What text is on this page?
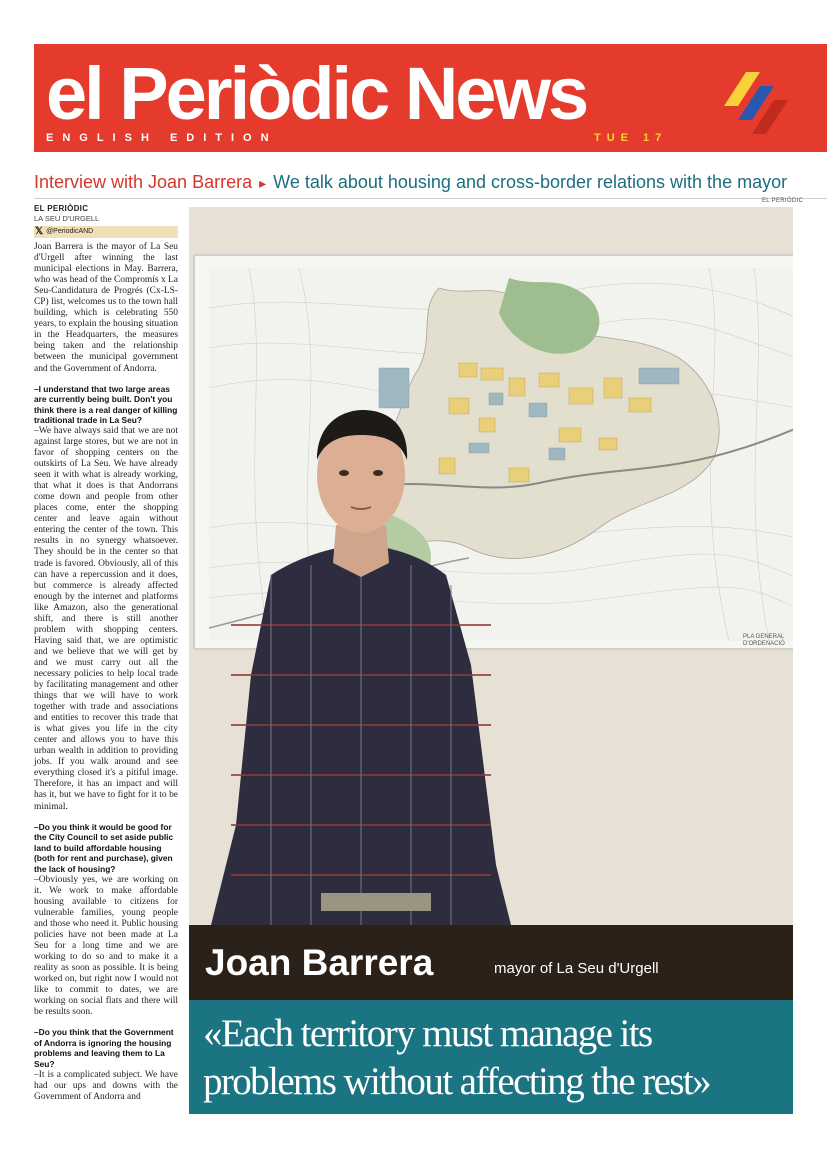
el Periòdic News
ENGLISH EDITION	TUE 17
Interview with Joan Barrera ▸ We talk about housing and cross-border relations with the mayor
EL PERIÒDIC
LA SEU D'URGELL
𝕏 @PeriodicAND

Joan Barrera is the mayor of La Seu d'Urgell after winning the last municipal elections in May. Barrera, who was head of the Compromís x La Seu-Candidatura de Progrés (Cx-LS-CP) list, welcomes us to the town hall building, which is celebrating 550 years, to explain the housing situation in the Headquarters, the measures being taken and the relationship between the municipal government and the Government of Andorra.

–I understand that two large areas are currently being built. Don't you think there is a real danger of killing traditional trade in La Seu?

–We have always said that we are not against large stores, but we are not in favor of shopping centers on the outskirts of La Seu. We have already seen it with what is already working, that what it does is that Andorrans come down and people from other places come, enter the shopping center and leave again without entering the center of the town. This results in no synergy whatsoever. They should be in the center so that trade is favored. Obviously, all of this can have a repercussion and it does, but commerce is already affected enough by the internet and platforms like Amazon, also the generational shift, and there is still another problem with shopping centers. Having said that, we are optimistic and we believe that we will get by and we must carry out all the necessary policies to help local trade by facilitating management and other things that we will have to work together with trade and associations and entities to recover this trade that is what gives you life in the city center and allows you to have this urban wealth in addition to providing jobs. If you walk around and see everything closed it's a pitiful image. Therefore, it has an impact and will has it, but we have to fight for it to be minimal.

–Do you think it would be good for the City Council to set aside public land to build affordable housing (both for rent and purchase), given the lack of housing?

–Obviously yes, we are working on it. We work to make affordable housing available to citizens for vulnerable families, young people and those who need it. Public housing policies have not been made at La Seu for a long time and we are working to do so and to make it a reality as soon as possible. It is being worked on, but right now I would not like to commit to dates, we are working on social flats and there will be results soon.

–Do you think that the Government of Andorra is ignoring the housing problems and leaving them to La Seu?

–It is a complicated subject. We have had our ups and downs with the Government of Andorra and

EL PERIÒDIC
PLA GENERAL D'ORDENACIÓ
Joan Barrera	mayor of La Seu d'Urgell
«Each territory must manage its problems without affecting the rest»
